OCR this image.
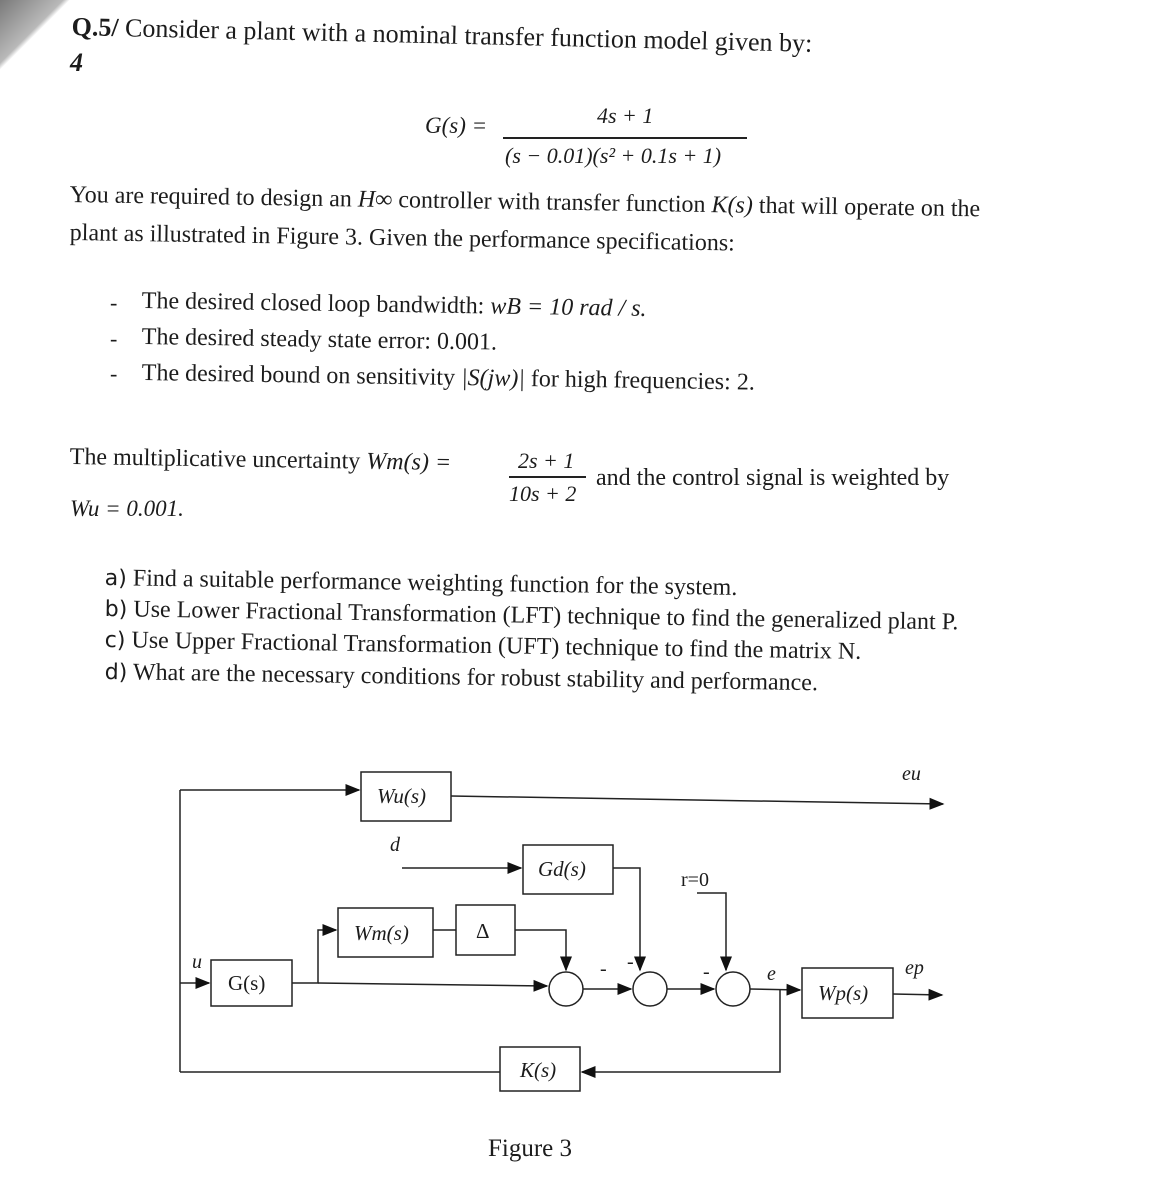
Q.5/ Consider a plant with a nominal transfer function model given by:
4
G(s) =	4s + 1
(s − 0.01)(s² + 0.1s + 1)
You are required to design an H∞ controller with transfer function K(s) that will operate on the
plant as illustrated in Figure 3. Given the performance specifications:
- The desired closed loop bandwidth: wB = 10 rad / s.
- The desired steady state error: 0.001.
- The desired bound on sensitivity |S(jw)| for high frequencies: 2.
The multiplicative uncertainty Wm(s) =	2s + 1
10s + 2
and the control signal is weighted by
Wu = 0.001.
a) Find a suitable performance weighting function for the system.
b) Use Lower Fractional Transformation (LFT) technique to find the generalized plant P.
c) Use Upper Fractional Transformation (UFT) technique to find the matrix N.
d) What are the necessary conditions for robust stability and performance.
Wu(s)
Gd(s)
Wm(s)	Δ
G(s)	Wp(s)
K(s)
eu
d
r=0
u
e	ep
- -	-
Figure 3
